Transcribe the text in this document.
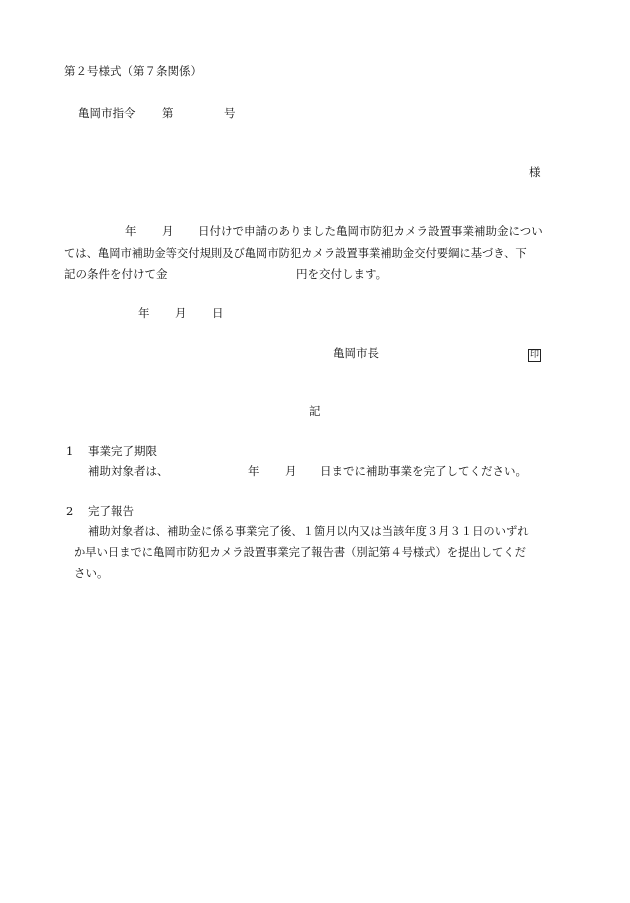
第２号様式（第７条関係）
亀岡市指令 第	号
様
年 月 日付けで申請のありました亀岡市防犯カメラ設置事業補助金につい
ては、亀岡市補助金等交付規則及び亀岡市防犯カメラ設置事業補助金交付要綱に基づき、下
記の条件を付けて金	円を交付します。
年 月 日
亀岡市長	印
記
1 事業完了期限
補助対象者は、	年 月 日までに補助事業を完了してください。
2 完了報告
補助対象者は、補助金に係る事業完了後、１箇月以内又は当該年度３月３１日のいずれ
か早い日までに亀岡市防犯カメラ設置事業完了報告書（別記第４号様式）を提出してくだ
さい。
